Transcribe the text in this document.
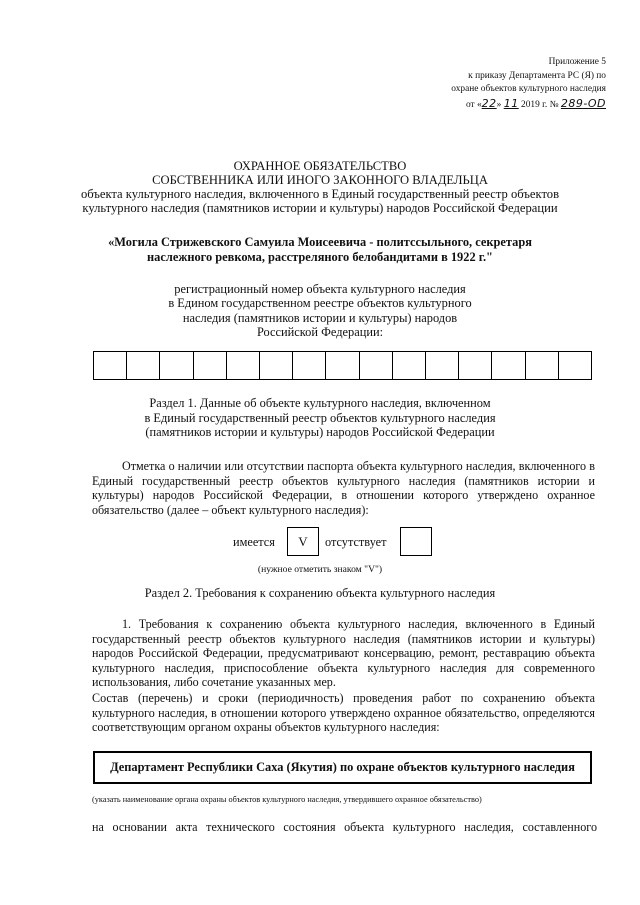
Приложение 5
к приказу Департамента РС (Я) по
охране объектов культурного наследия
от «22» 11 2019 г. № 289-OD
ОХРАННОЕ ОБЯЗАТЕЛЬСТВО
СОБСТВЕННИКА ИЛИ ИНОГО ЗАКОННОГО ВЛАДЕЛЬЦА
объекта культурного наследия, включенного в Единый государственный реестр объектов
культурного наследия (памятников истории и культуры) народов Российской Федерации
«Могила Стрижевского Самуила Моисеевича - политссыльного, секретаря
наслежного ревкома, расстреляного белобандитами в 1922 г."
регистрационный номер объекта культурного наследия
в Едином государственном реестре объектов культурного
наследия (памятников истории и культуры) народов
Российской Федерации:
Раздел 1. Данные об объекте культурного наследия, включенном
в Единый государственный реестр объектов культурного наследия
(памятников истории и культуры) народов Российской Федерации
Отметка о наличии или отсутствии паспорта объекта культурного наследия, включенного в Единый государственный реестр объектов культурного наследия (памятников истории и культуры) народов Российской Федерации, в отношении которого утверждено охранное обязательство (далее – объект культурного наследия):
имеется	V	отсутствует
(нужное отметить знаком "V")
Раздел 2. Требования к сохранению объекта культурного наследия
1. Требования к сохранению объекта культурного наследия, включенного в Единый государственный реестр объектов культурного наследия (памятников истории и культуры) народов Российской Федерации, предусматривают консервацию, ремонт, реставрацию объекта культурного наследия, приспособление объекта культурного наследия для современного использования, либо сочетание указанных мер.
Состав (перечень) и сроки (периодичность) проведения работ по сохранению объекта культурного наследия, в отношении которого утверждено охранное обязательство, определяются соответствующим органом охраны объектов культурного наследия:
Департамент Республики Саха (Якутия) по охране объектов культурного наследия
(указать наименование органа охраны объектов культурного наследия, утвердившего охранное обязательство)
на основании акта технического состояния объекта культурного наследия, составленного
